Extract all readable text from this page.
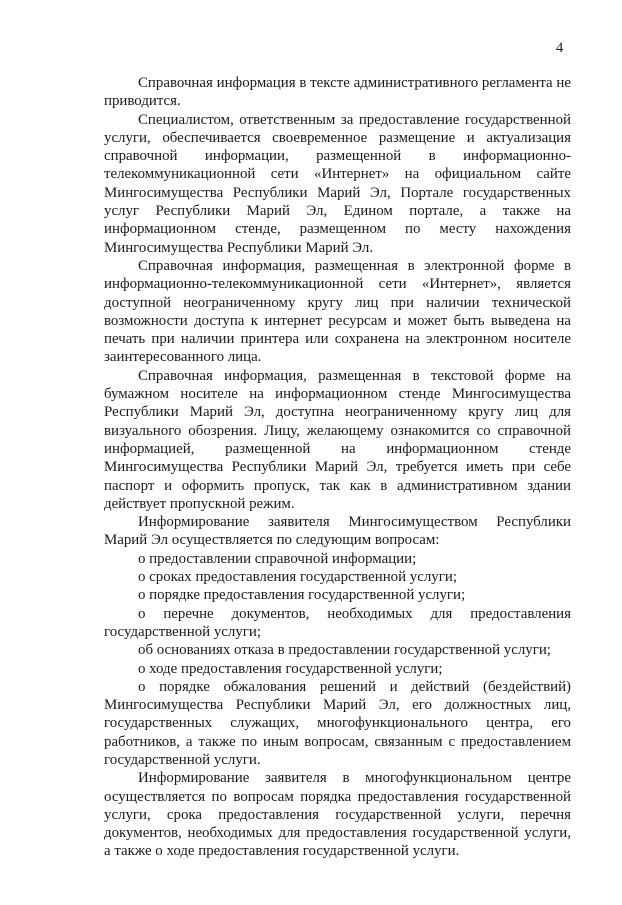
4

Справочная информация в тексте административного регламента не приводится.

Специалистом, ответственным за предоставление государственной услуги, обеспечивается своевременное размещение и актуализация справочной информации, размещенной в информационно-телекоммуникационной сети «Интернет» на официальном сайте Мингосимущества Республики Марий Эл, Портале государственных услуг Республики Марий Эл, Едином портале, а также на информационном стенде, размещенном по месту нахождения Мингосимущества Республики Марий Эл.

Справочная информация, размещенная в электронной форме в информационно-телекоммуникационной сети «Интернет», является доступной неограниченному кругу лиц при наличии технической возможности доступа к интернет ресурсам и может быть выведена на печать при наличии принтера или сохранена на электронном носителе заинтересованного лица.

Справочная информация, размещенная в текстовой форме на бумажном носителе на информационном стенде Мингосимущества Республики Марий Эл, доступна неограниченному кругу лиц для визуального обозрения. Лицу, желающему ознакомится со справочной информацией, размещенной на информационном стенде Мингосимущества Республики Марий Эл, требуется иметь при себе паспорт и оформить пропуск, так как в административном здании действует пропускной режим.

Информирование заявителя Мингосимуществом Республики Марий Эл осуществляется по следующим вопросам:

о предоставлении справочной информации;

о сроках предоставления государственной услуги;

о порядке предоставления государственной услуги;

о перечне документов, необходимых для предоставления государственной услуги;

об основаниях отказа в предоставлении государственной услуги;

о ходе предоставления государственной услуги;

о порядке обжалования решений и действий (бездействий) Мингосимущества Республики Марий Эл, его должностных лиц, государственных служащих, многофункционального центра, его работников, а также по иным вопросам, связанным с предоставлением государственной услуги.

Информирование заявителя в многофункциональном центре осуществляется по вопросам порядка предоставления государственной услуги, срока предоставления государственной услуги, перечня документов, необходимых для предоставления государственной услуги, а также о ходе предоставления государственной услуги.
